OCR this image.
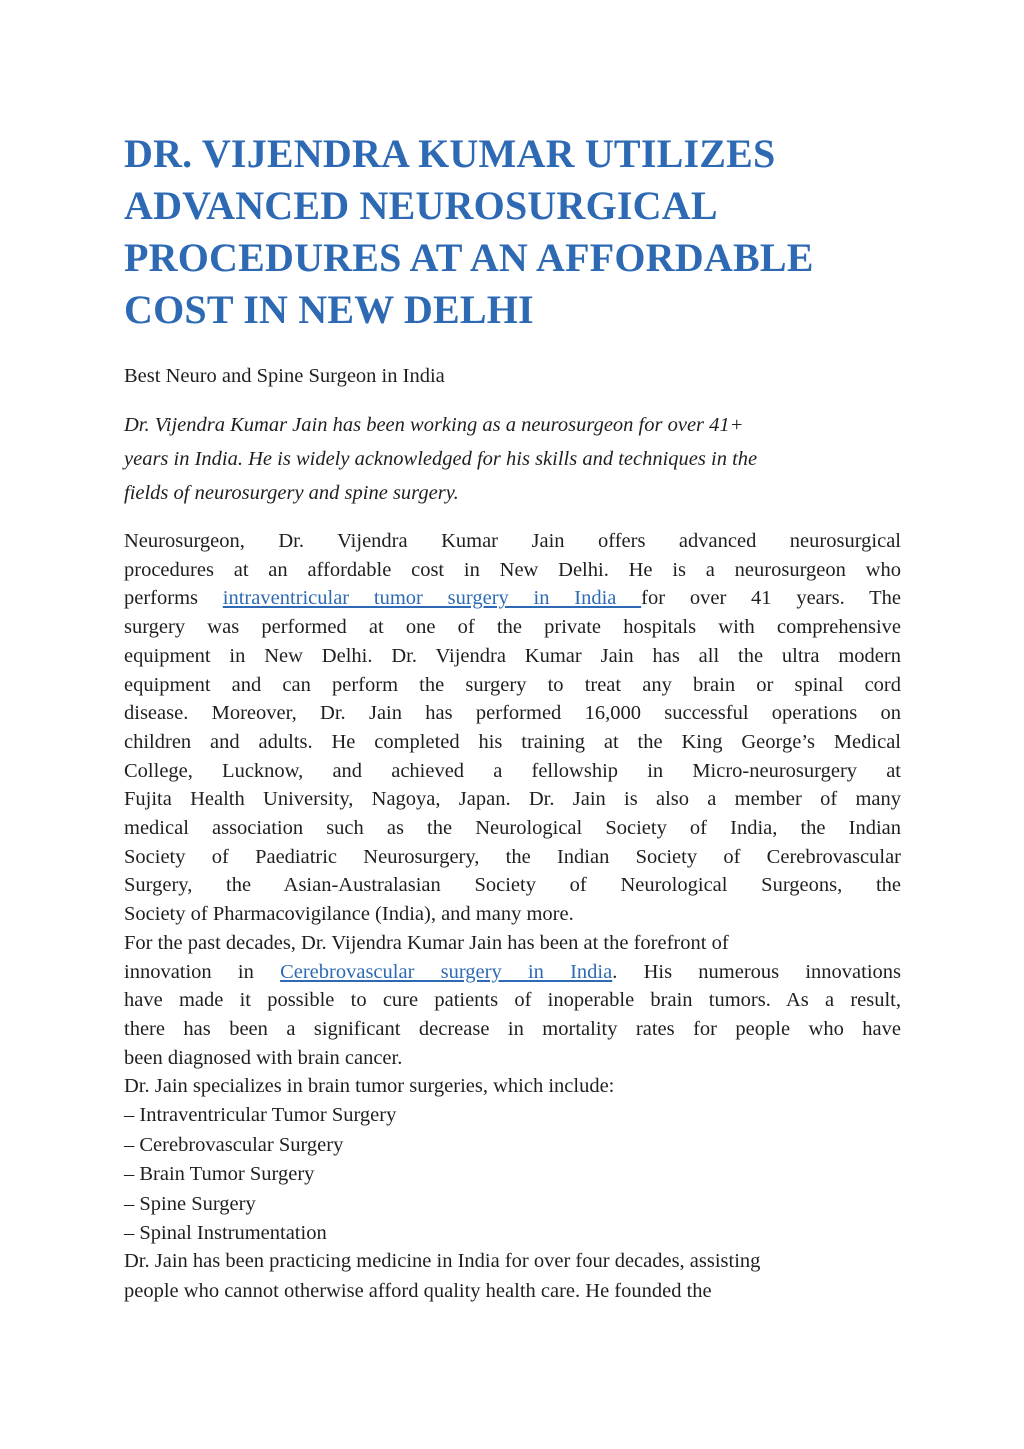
DR. VIJENDRA KUMAR UTILIZES
ADVANCED NEUROSURGICAL
PROCEDURES AT AN AFFORDABLE
COST IN NEW DELHI

Best Neuro and Spine Surgeon in India

Dr. Vijendra Kumar Jain has been working as a neurosurgeon for over 41+
years in India. He is widely acknowledged for his skills and techniques in the
fields of neurosurgery and spine surgery.

Neurosurgeon, Dr. Vijendra Kumar Jain offers advanced neurosurgical
procedures at an affordable cost in New Delhi. He is a neurosurgeon who
performs intraventricular tumor surgery in India for over 41 years. The
surgery was performed at one of the private hospitals with comprehensive
equipment in New Delhi. Dr. Vijendra Kumar Jain has all the ultra modern
equipment and can perform the surgery to treat any brain or spinal cord
disease. Moreover, Dr. Jain has performed 16,000 successful operations on
children and adults. He completed his training at the King George’s Medical
College, Lucknow, and achieved a fellowship in Micro-neurosurgery at
Fujita Health University, Nagoya, Japan. Dr. Jain is also a member of many
medical association such as the Neurological Society of India, the Indian
Society of Paediatric Neurosurgery, the Indian Society of Cerebrovascular
Surgery, the Asian-Australasian Society of Neurological Surgeons, the
Society of Pharmacovigilance (India), and many more.
For the past decades, Dr. Vijendra Kumar Jain has been at the forefront of
innovation in Cerebrovascular surgery in India. His numerous innovations
have made it possible to cure patients of inoperable brain tumors. As a result,
there has been a significant decrease in mortality rates for people who have
been diagnosed with brain cancer.
Dr. Jain specializes in brain tumor surgeries, which include:
– Intraventricular Tumor Surgery
– Cerebrovascular Surgery
– Brain Tumor Surgery
– Spine Surgery
– Spinal Instrumentation

Dr. Jain has been practicing medicine in India for over four decades, assisting
people who cannot otherwise afford quality health care. He founded the
